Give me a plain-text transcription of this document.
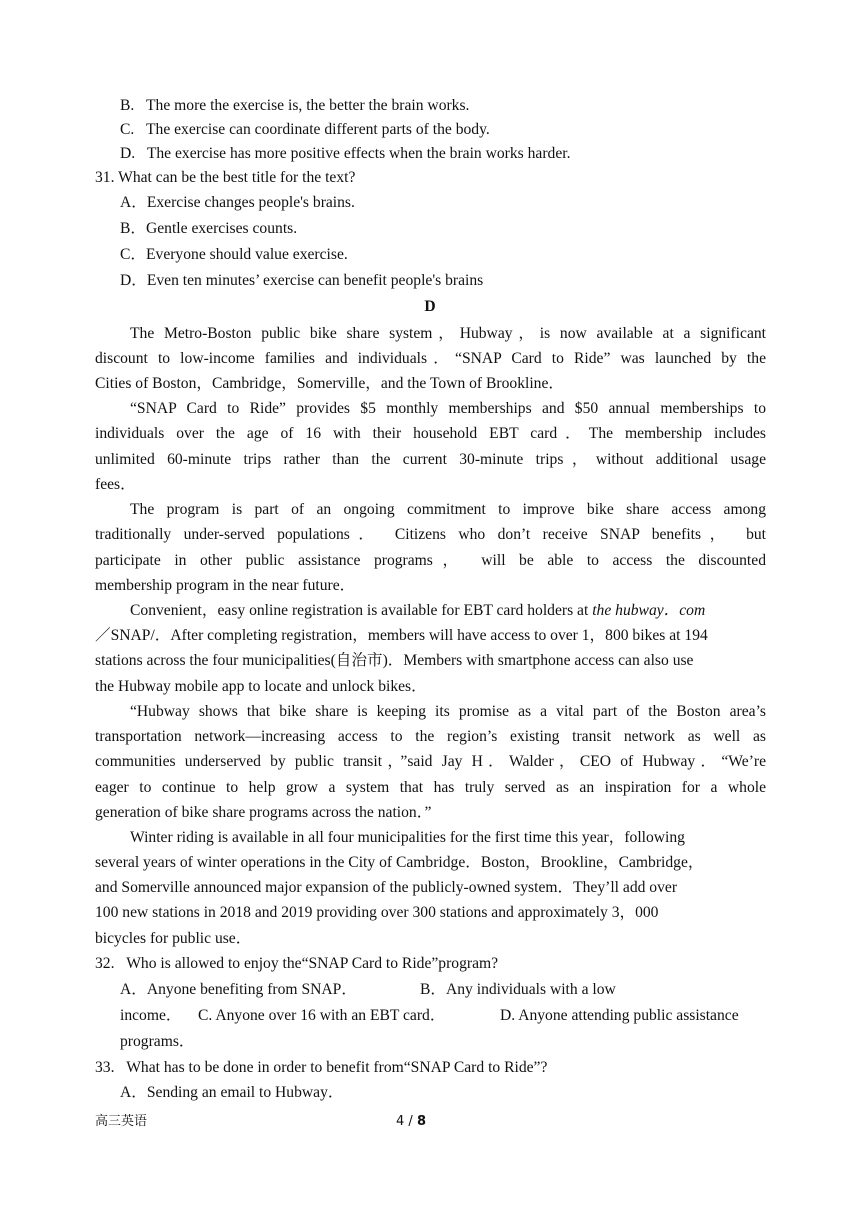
B.   The more the exercise is, the better the brain works.
C.   The exercise can coordinate different parts of the body.
D.   The exercise has more positive effects when the brain works harder.
31. What can be the best title for the text?
A．Exercise changes people's brains.
B．Gentle exercises counts.
C．Everyone should value exercise.
D．Even ten minutes’ exercise can benefit people's brains
D
The Metro-Boston public bike share system，Hubway，is now available at a significant
discount to low-income families and individuals．“SNAP Card to Ride” was launched by the
Cities of Boston，Cambridge，Somerville，and the Town of Brookline．
“SNAP Card to Ride” provides $5 monthly memberships and $50 annual memberships to
individuals over the age of 16 with their household EBT card．The membership includes
unlimited 60-minute trips rather than the current 30-minute trips，without additional usage
fees．
The program is part of an ongoing commitment to improve bike share access among
traditionally under-served populations． Citizens who don’t receive SNAP benefits， but
participate in other public assistance programs， will be able to access the discounted
membership program in the near future．
Convenient，easy online registration is available for EBT card holders at the hubway．com
／SNAP/．After completing registration，members will have access to over 1，800 bikes at 194
stations across the four municipalities(自治市)．Members with smartphone access can also use
the Hubway mobile app to locate and unlock bikes．
“Hubway shows that bike share is keeping its promise as a vital part of the Boston area’s
transportation network—increasing access to the region’s existing transit network as well as
communities underserved by public transit，”said Jay H．Walder，CEO of Hubway．“We’re
eager to continue to help grow a system that has truly served as an inspiration for a whole
generation of bike share programs across the nation．”
Winter riding is available in all four municipalities for the first time this year，following
several years of winter operations in the City of Cambridge．Boston，Brookline，Cambridge，
and Somerville announced major expansion of the publicly-owned system．They’ll add over
100 new stations in 2018 and 2019 providing over 300 stations and approximately 3，000
bicycles for public use．
32.   Who is allowed to enjoy the“SNAP Card to Ride”program?
A．Anyone benefiting from SNAP．	B．Any individuals with a low
income． C. Anyone over 16 with an EBT card．	D. Anyone attending public assistance
programs．
33.   What has to be done in order to benefit from“SNAP Card to Ride”?
A．Sending an email to Hubway．
高三英语	4 / 8
